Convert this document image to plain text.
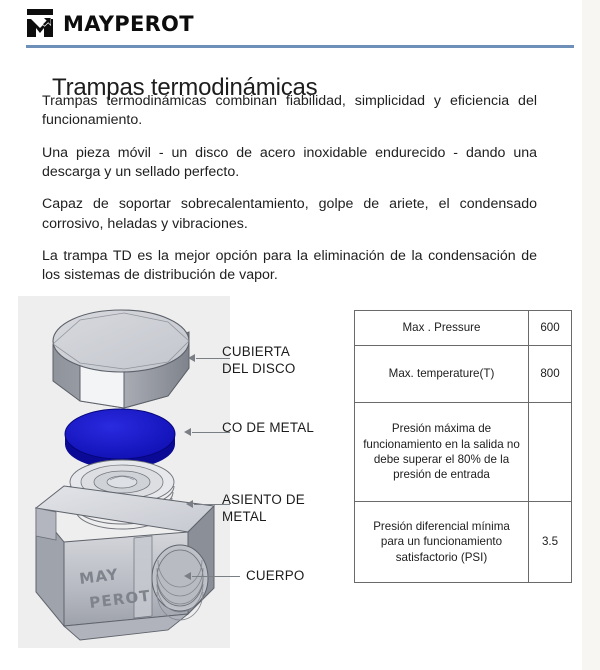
MAYPEROT
Trampas termodinámicas

Trampas termodinámicas combinan fiabilidad, simplicidad y eficiencia del funcionamiento.

Una pieza móvil - un disco de acero inoxidable endurecido - dando una descarga y un sellado perfecto.

Capaz de soportar sobrecalentamiento, golpe de ariete, el condensado corrosivo, heladas y vibraciones.

La trampa TD es la mejor opción para la eliminación de la condensación de los sistemas de distribución de vapor.

MAY
PEROT
CUBIERTA
DEL DISCO
CO DE METAL
ASIENTO DE
METAL
CUERPO
Max . Pressure	600
Max. temperature(T)	800
Presión máxima de funcionamiento en la salida no debe superar el 80% de la presión de entrada	
Presión diferencial mínima para un funcionamiento satisfactorio (PSI)	3.5
